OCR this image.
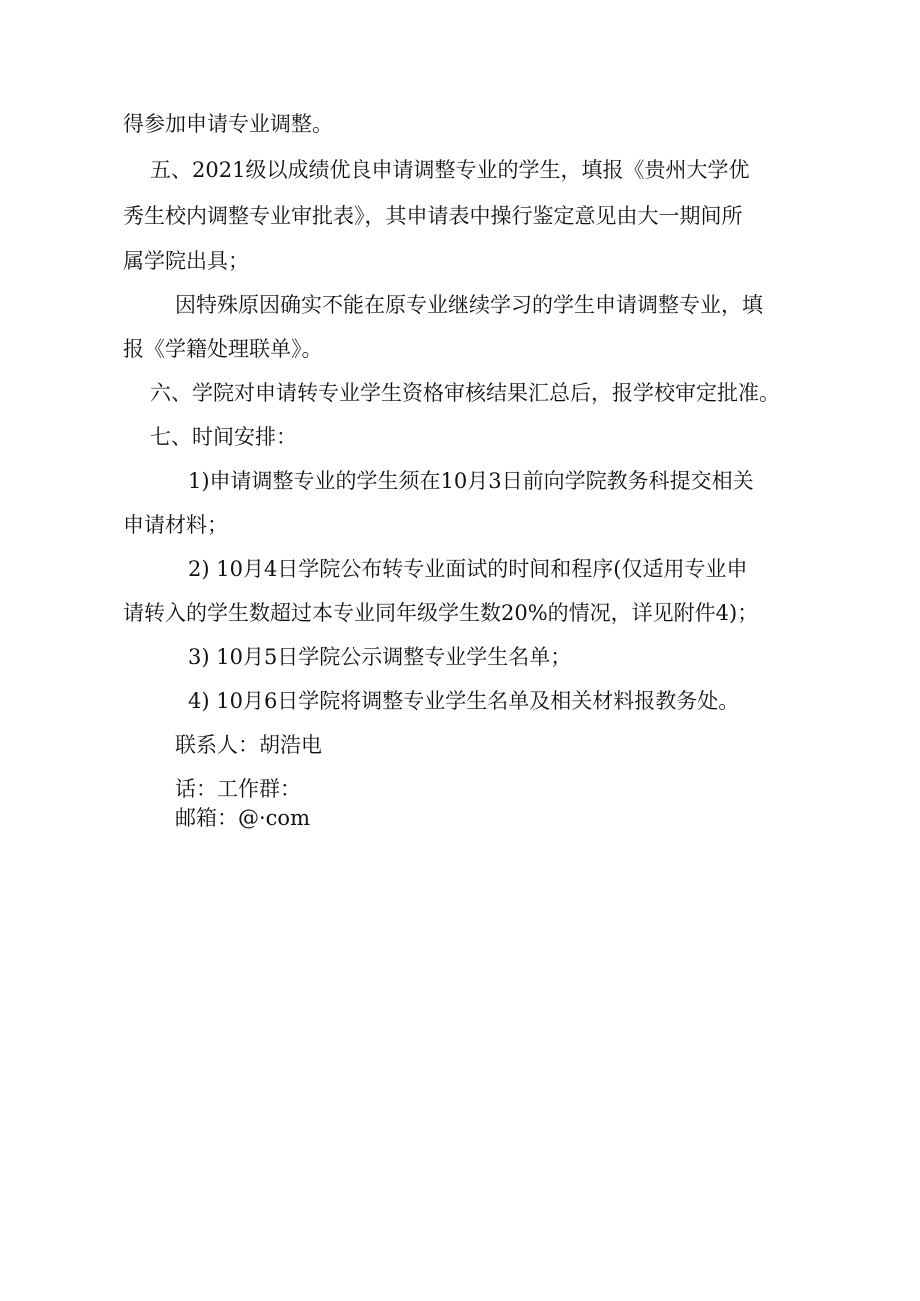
得参加申请专业调整。

五、2021级以成绩优良申请调整专业的学生，填报《贵州大学优

秀生校内调整专业审批表》，其申请表中操行鉴定意见由大一期间所

属学院出具；

因特殊原因确实不能在原专业继续学习的学生申请调整专业，填

报《学籍处理联单》。

六、学院对申请转专业学生资格审核结果汇总后，报学校审定批准。

七、时间安排：

1)申请调整专业的学生须在10月3日前向学院教务科提交相关

申请材料；

2) 10月4日学院公布转专业面试的时间和程序(仅适用专业申

请转入的学生数超过本专业同年级学生数20%的情况，详见附件4)；

3) 10月5日学院公示调整专业学生名单；

4) 10月6日学院将调整专业学生名单及相关材料报教务处。

联系人：胡浩电

话：工作群：

邮箱：@·com
